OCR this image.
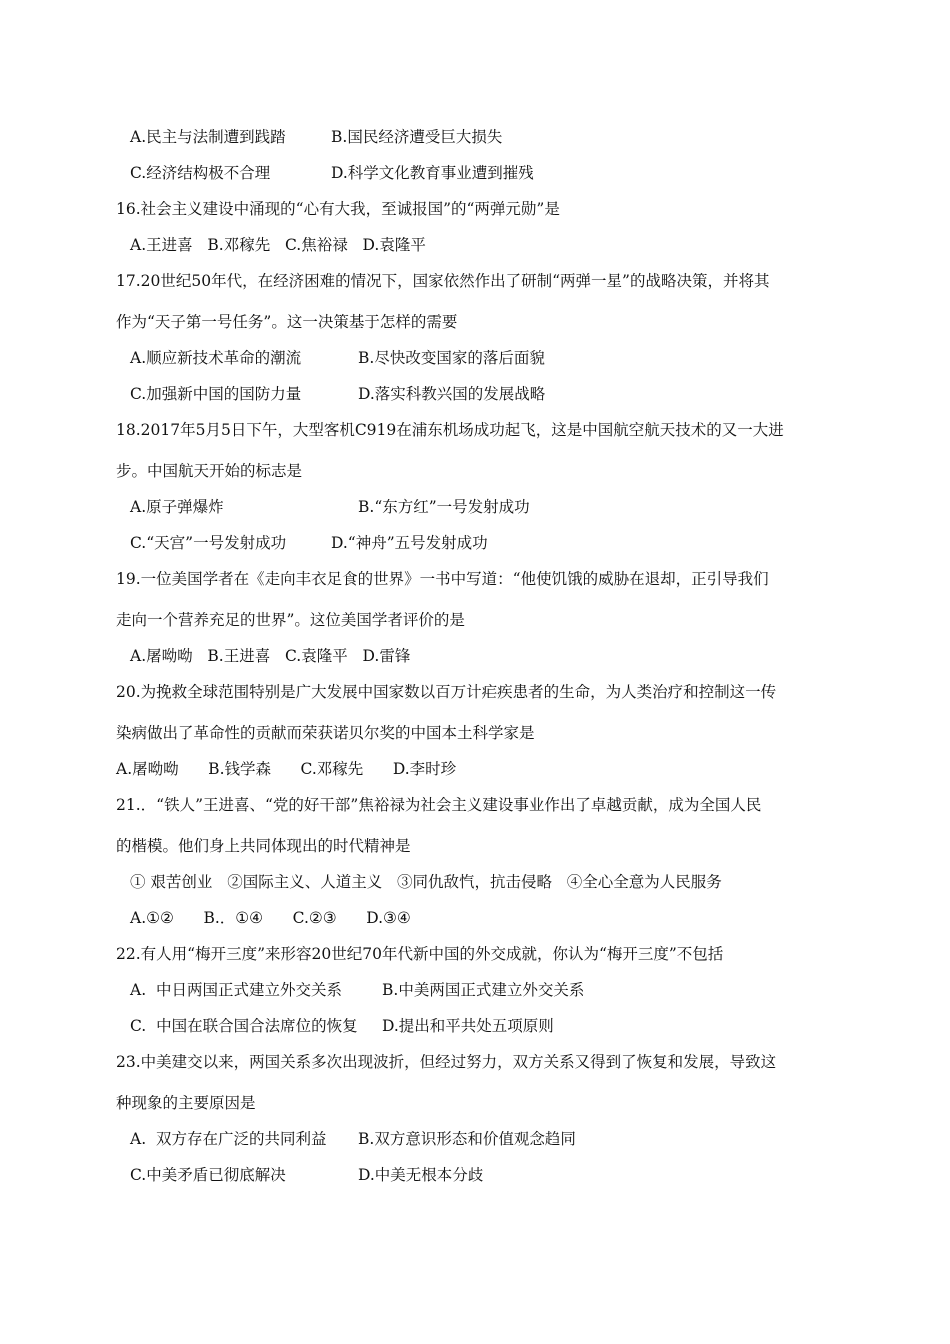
A.民主与法制遭到践踏	B.国民经济遭受巨大损失
C.经济结构极不合理	D.科学文化教育事业遭到摧残
16.社会主义建设中涌现的“心有大我，至诚报国”的“两弹元勋”是
A.王进喜   B.邓稼先   C.焦裕禄   D.袁隆平
17.20世纪50年代，在经济困难的情况下，国家依然作出了研制“两弹一星”的战略决策，并将其
作为“天子第一号任务”。这一决策基于怎样的需要
A.顺应新技术革命的潮流	B.尽快改变国家的落后面貌
C.加强新中国的国防力量	D.落实科教兴国的发展战略
18.2017年5月5日下午，大型客机C919在浦东机场成功起飞，这是中国航空航天技术的又一大进
步。中国航天开始的标志是
A.原子弹爆炸	B.“东方红”一号发射成功
C.“天宫”一号发射成功	D.“神舟”五号发射成功
19.一位美国学者在《走向丰衣足食的世界》一书中写道：“他使饥饿的威胁在退却，正引导我们
走向一个营养充足的世界”。这位美国学者评价的是
A.屠呦呦   B.王进喜   C.袁隆平   D.雷锋
20.为挽救全球范围特别是广大发展中国家数以百万计疟疾患者的生命，为人类治疗和控制这一传
染病做出了革命性的贡献而荣获诺贝尔奖的中国本土科学家是
A.屠呦呦      B.钱学森      C.邓稼先      D.李时珍
21.．“铁人”王进喜、“党的好干部”焦裕禄为社会主义建设事业作出了卓越贡献，成为全国人民
的楷模。他们身上共同体现出的时代精神是
① 艰苦创业   ②国际主义、人道主义   ③同仇敌忾，抗击侵略   ④全心全意为人民服务
A.①②      B.．①④      C.②③      D.③④
22.有人用“梅开三度”来形容20世纪70年代新中国的外交成就，你认为“梅开三度”不包括
A.  中日两国正式建立外交关系	B.中美两国正式建立外交关系
C.  中国在联合国合法席位的恢复 D.提出和平共处五项原则
23.中美建交以来，两国关系多次出现波折，但经过努力，双方关系又得到了恢复和发展，导致这
种现象的主要原因是
A.  双方存在广泛的共同利益 B.双方意识形态和价值观念趋同
C.中美矛盾已彻底解决	D.中美无根本分歧
